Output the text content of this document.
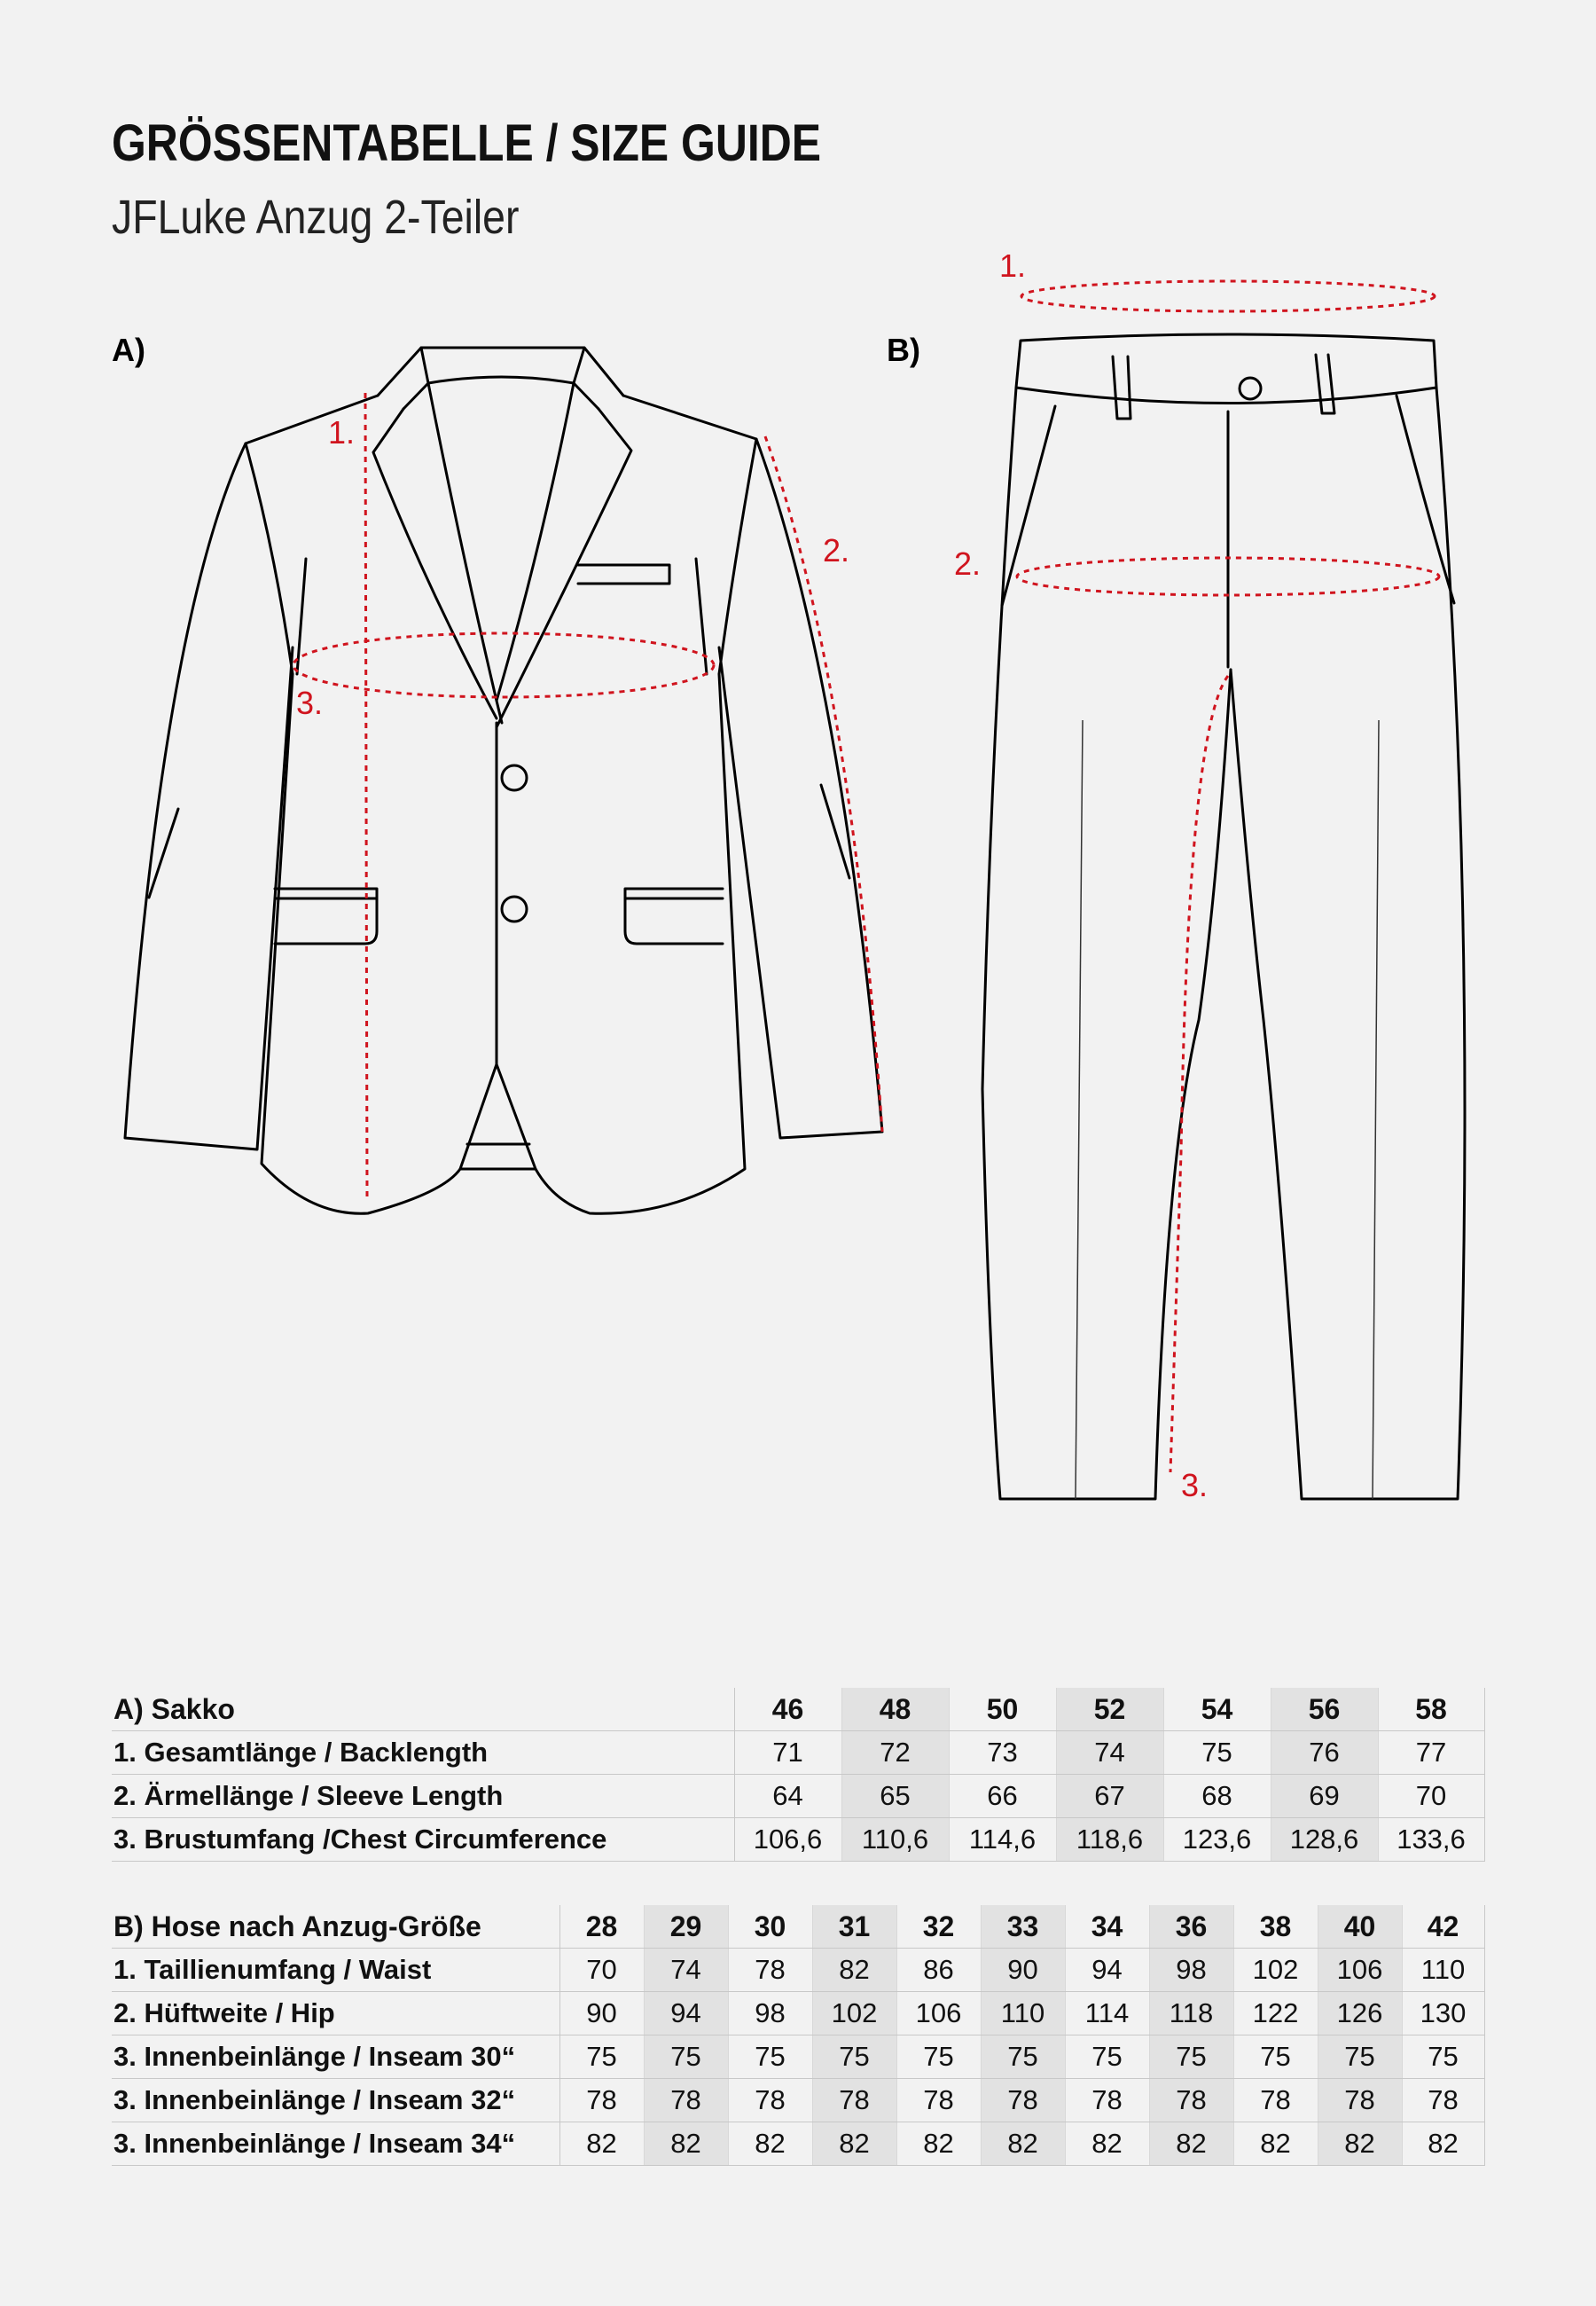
GRÖSSENTABELLE / SIZE GUIDE
JFLuke Anzug 2-Teiler
A)	B)
1.
2.
3.
1.
2.
3.
A) Sakko	46	48	50	52	54	56	58
1. Gesamtlänge / Backlength	71	72	73	74	75	76	77
2. Ärmellänge / Sleeve Length	64	65	66	67	68	69	70
3. Brustumfang /Chest Circumference	106,6	110,6	114,6	118,6	123,6	128,6	133,6
B) Hose nach Anzug-Größe	28	29	30	31	32	33	34	36	38	40	42
1. Taillienumfang / Waist	70	74	78	82	86	90	94	98	102	106	110
2. Hüftweite / Hip	90	94	98	102	106	110	114	118	122	126	130
3. Innenbeinlänge / Inseam 30“	75	75	75	75	75	75	75	75	75	75	75
3. Innenbeinlänge / Inseam 32“	78	78	78	78	78	78	78	78	78	78	78
3. Innenbeinlänge / Inseam 34“	82	82	82	82	82	82	82	82	82	82	82
